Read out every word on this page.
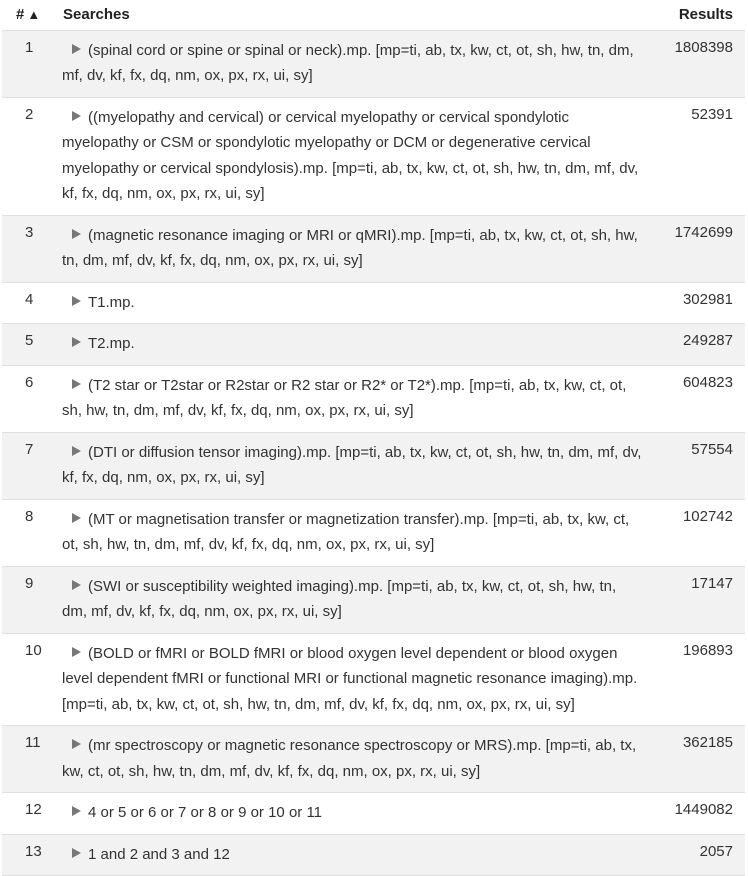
# ▲	Searches	Results
1	(spinal cord or spine or spinal or neck).mp. [mp=ti, ab, tx, kw, ct, ot, sh, hw, tn, dm, mf, dv, kf, fx, dq, nm, ox, px, rx, ui, sy]	1808398
2	((myelopathy and cervical) or cervical myelopathy or cervical spondylotic myelopathy or CSM or spondylotic myelopathy or DCM or degenerative cervical myelopathy or cervical spondylosis).mp. [mp=ti, ab, tx, kw, ct, ot, sh, hw, tn, dm, mf, dv, kf, fx, dq, nm, ox, px, rx, ui, sy]	52391
3	(magnetic resonance imaging or MRI or qMRI).mp. [mp=ti, ab, tx, kw, ct, ot, sh, hw, tn, dm, mf, dv, kf, fx, dq, nm, ox, px, rx, ui, sy]	1742699
4	T1.mp.	302981
5	T2.mp.	249287
6	(T2 star or T2star or R2star or R2 star or R2* or T2*).mp. [mp=ti, ab, tx, kw, ct, ot, sh, hw, tn, dm, mf, dv, kf, fx, dq, nm, ox, px, rx, ui, sy]	604823
7	(DTI or diffusion tensor imaging).mp. [mp=ti, ab, tx, kw, ct, ot, sh, hw, tn, dm, mf, dv, kf, fx, dq, nm, ox, px, rx, ui, sy]	57554
8	(MT or magnetisation transfer or magnetization transfer).mp. [mp=ti, ab, tx, kw, ct, ot, sh, hw, tn, dm, mf, dv, kf, fx, dq, nm, ox, px, rx, ui, sy]	102742
9	(SWI or susceptibility weighted imaging).mp. [mp=ti, ab, tx, kw, ct, ot, sh, hw, tn, dm, mf, dv, kf, fx, dq, nm, ox, px, rx, ui, sy]	17147
10	(BOLD or fMRI or BOLD fMRI or blood oxygen level dependent or blood oxygen level dependent fMRI or functional MRI or functional magnetic resonance imaging).mp. [mp=ti, ab, tx, kw, ct, ot, sh, hw, tn, dm, mf, dv, kf, fx, dq, nm, ox, px, rx, ui, sy]	196893
11	(mr spectroscopy or magnetic resonance spectroscopy or MRS).mp. [mp=ti, ab, tx, kw, ct, ot, sh, hw, tn, dm, mf, dv, kf, fx, dq, nm, ox, px, rx, ui, sy]	362185
12	4 or 5 or 6 or 7 or 8 or 9 or 10 or 11	1449082
13	1 and 2 and 3 and 12	2057
